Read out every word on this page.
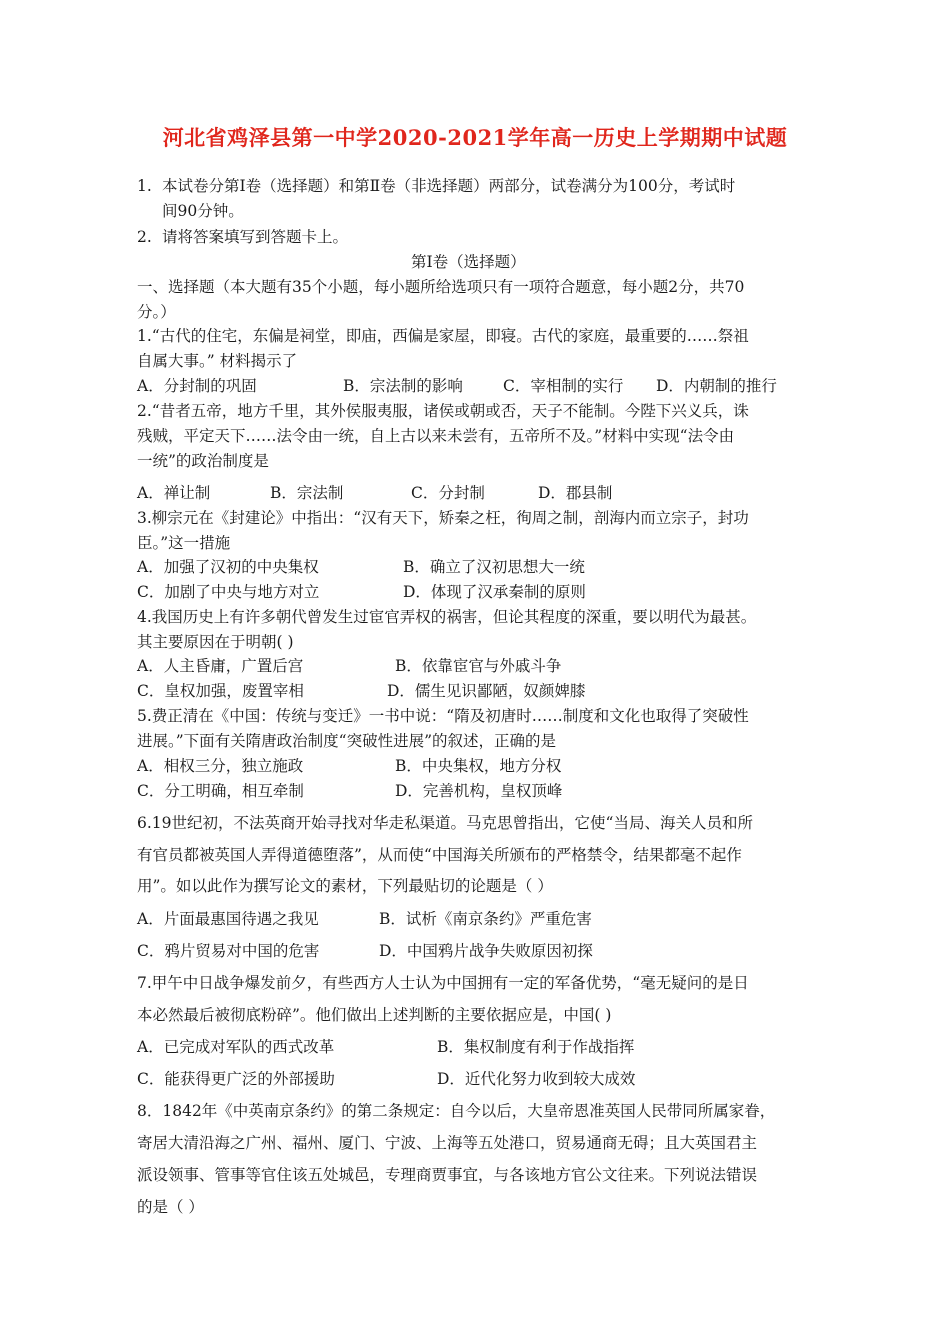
河北省鸡泽县第一中学2020-2021学年高一历史上学期期中试题
1. 本试卷分第Ⅰ卷（选择题）和第Ⅱ卷（非选择题）两部分，试卷满分为100分，考试时
间90分钟。
2. 请将答案填写到答题卡上。
第Ⅰ卷（选择题）
一、选择题（本大题有35个小题，每小题所给选项只有一项符合题意，每小题2分，共70
分。）
1.“古代的住宅，东偏是祠堂，即庙，西偏是家屋，即寝。古代的家庭，最重要的……祭祖
自属大事。” 材料揭示了
A．分封制的巩固	B．宗法制的影响	C．宰相制的实行 D．内朝制的推行
2.“昔者五帝，地方千里，其外侯服夷服，诸侯或朝或否，天子不能制。今陛下兴义兵，诛
残贼，平定天下……法令由一统，自上古以来未尝有，五帝所不及。”材料中实现“法令由
一统”的政治制度是
A．禅让制	B．宗法制	C．分封制	D．郡县制
3.柳宗元在《封建论》中指出：“汉有天下，矫秦之枉，徇周之制，剖海内而立宗子，封功
臣。”这一措施
A．加强了汉初的中央集权	B．确立了汉初思想大一统
C．加剧了中央与地方对立	D．体现了汉承秦制的原则
4.我国历史上有许多朝代曾发生过宦官弄权的祸害，但论其程度的深重，要以明代为最甚。
其主要原因在于明朝( )
A．人主昏庸，广置后宫	B．依靠宦官与外戚斗争
C．皇权加强，废置宰相	D．儒生见识鄙陋，奴颜婢膝
5.费正清在《中国：传统与变迁》一书中说：“隋及初唐时……制度和文化也取得了突破性
进展。”下面有关隋唐政治制度“突破性进展”的叙述，正确的是
A．相权三分，独立施政	B．中央集权，地方分权
C．分工明确，相互牵制	D．完善机构，皇权顶峰
6.19世纪初，不法英商开始寻找对华走私渠道。马克思曾指出，它使“当局、海关人员和所
有官员都被英国人弄得道德堕落”，从而使“中国海关所颁布的严格禁令，结果都毫不起作
用”。如以此作为撰写论文的素材，下列最贴切的论题是（ ）
A．片面最惠国待遇之我见	B．试析《南京条约》严重危害
C．鸦片贸易对中国的危害	D．中国鸦片战争失败原因初探
7.甲午中日战争爆发前夕，有些西方人士认为中国拥有一定的军备优势，“毫无疑问的是日
本必然最后被彻底粉碎”。他们做出上述判断的主要依据应是，中国( )
A．已完成对军队的西式改革	B．集权制度有利于作战指挥
C．能获得更广泛的外部援助	D．近代化努力收到较大成效
8．1842年《中英南京条约》的第二条规定：自今以后，大皇帝恩准英国人民带同所属家眷，
寄居大清沿海之广州、福州、厦门、宁波、上海等五处港口，贸易通商无碍；且大英国君主
派设领事、管事等官住该五处城邑，专理商贾事宜，与各该地方官公文往来。下列说法错误
的是（ ）
